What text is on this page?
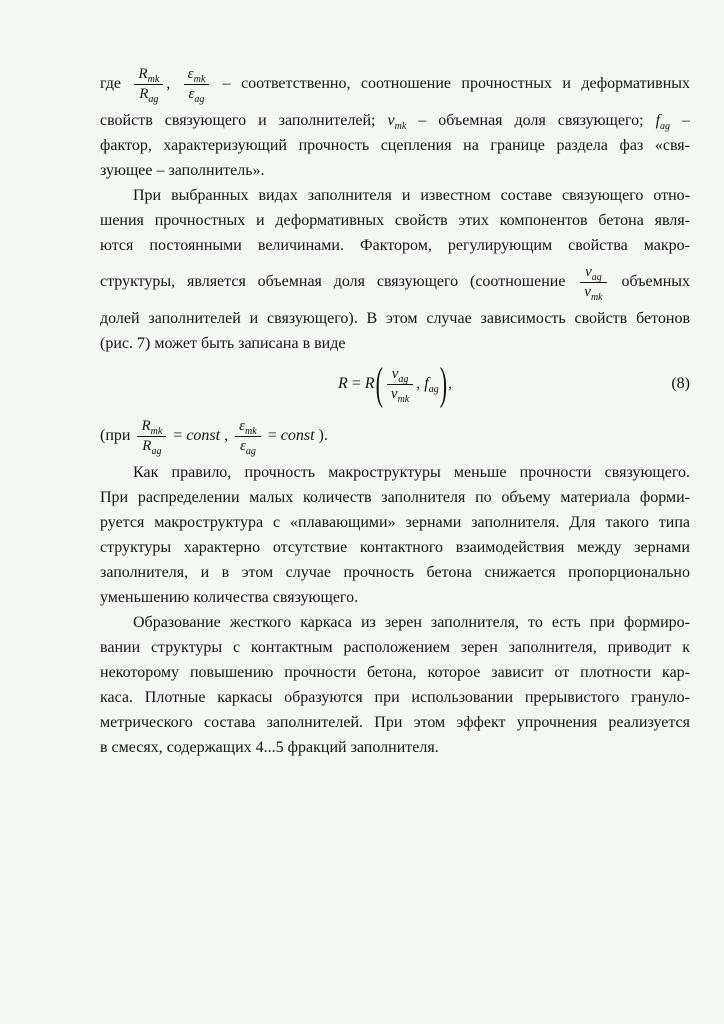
где $\frac{R_{mk}}{R_{ag}}$ , $\frac{\varepsilon_{mk}}{\varepsilon_{ag}}$ – соответственно, соотношение прочностных и деформативных
свойств связующего и заполнителей; $v_{mk}$ – объемная доля связующего; $f_{ag}$ –
фактор, характеризующий прочность сцепления на границе раздела фаз «свя-
зующее – заполнитель».
При выбранных видах заполнителя и известном составе связующего отно-
шения прочностных и деформативных свойств этих компонентов бетона явля-
ются постоянными величинами. Фактором, регулирующим свойства макро-
структуры, является объемная доля связующего (соотношение $\frac{v_{ag}}{v_{mk}}$ объемных
долей заполнителей и связующего). В этом случае зависимость свойств бетонов
(рис. 7) может быть записана в виде
$R = R( \frac{v_{ag}}{v_{mk}}$ , $f_{ag}$),	(8)
($при \frac{R_{mk}}{R_{ag}}$ = const , $\frac{\varepsilon_{mk}}{\varepsilon_{ag}}$ = const ).
Как правило, прочность макроструктуры меньше прочности связующего.
При распределении малых количеств заполнителя по объему материала форми-
руется макроструктура с «плавающими» зернами заполнителя. Для такого типа
структуры характерно отсутствие контактного взаимодействия между зернами
заполнителя, и в этом случае прочность бетона снижается пропорционально
уменьшению количества связующего.
Образование жесткого каркаса из зерен заполнителя, то есть при формиро-
вании структуры с контактным расположением зерен заполнителя, приводит к
некоторому повышению прочности бетона, которое зависит от плотности кар-
каса. Плотные каркасы образуются при использовании прерывистого грануло-
метрического состава заполнителей. При этом эффект упрочнения реализуется
в смесях, содержащих 4...5 фракций заполнителя.
